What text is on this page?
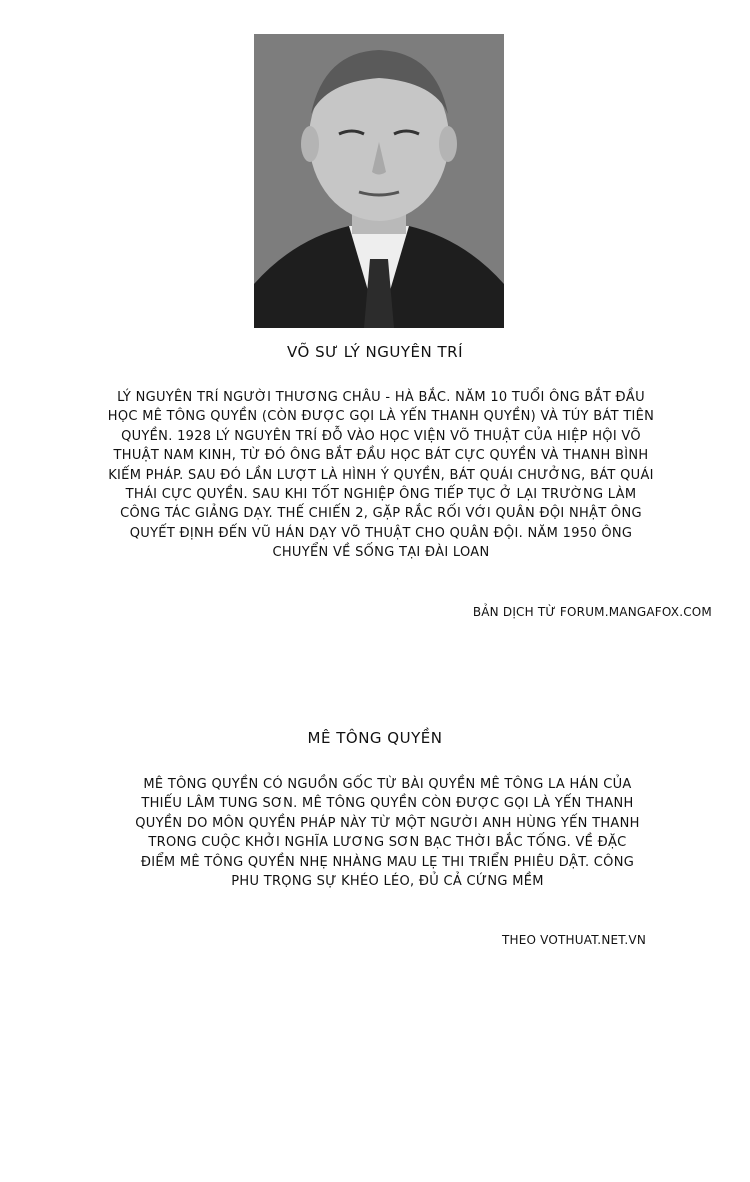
VÕ SƯ LÝ NGUYÊN TRÍ
LÝ NGUYÊN TRÍ NGƯỜI THƯƠNG CHÂU - HÀ BẮC. NĂM 10 TUỔI ÔNG BẮT ĐẦU HỌC MÊ TÔNG QUYỀN (CÒN ĐƯỢC GỌI LÀ YẾN THANH QUYỀN) VÀ TÚY BÁT TIÊN QUYỀN. 1928 LÝ NGUYÊN TRÍ ĐỖ VÀO HỌC VIỆN VÕ THUẬT CỦA HIỆP HỘI VÕ THUẬT NAM KINH, TỪ ĐÓ ÔNG BẮT ĐẦU HỌC BÁT CỰC QUYỀN VÀ THANH BÌNH KIẾM PHÁP. SAU ĐÓ LẦN LƯỢT LÀ HÌNH Ý QUYỀN, BÁT QUÁI CHƯỞNG, BÁT QUÁI THÁI CỰC QUYỀN. SAU KHI TỐT NGHIỆP ÔNG TIẾP TỤC Ở LẠI TRƯỜNG LÀM CÔNG TÁC GIẢNG DẠY. THẾ CHIẾN 2, GẶP RẮC RỐI VỚI QUÂN ĐỘI NHẬT ÔNG QUYẾT ĐỊNH ĐẾN VŨ HÁN DẠY VÕ THUẬT CHO QUÂN ĐỘI. NĂM 1950 ÔNG CHUYỂN VỀ SỐNG TẠI ĐÀI LOAN
BẢN DỊCH TỪ FORUM.MANGAFOX.COM
MÊ TÔNG QUYỀN
MÊ TÔNG QUYỀN CÓ NGUỒN GỐC TỪ BÀI QUYỀN MÊ TÔNG LA HÁN CỦA THIẾU LÂM TUNG SƠN. MÊ TÔNG QUYỀN CÒN ĐƯỢC GỌI LÀ YẾN THANH QUYỀN DO MÔN QUYỀN PHÁP NÀY TỪ MỘT NGƯỜI ANH HÙNG YẾN THANH TRONG CUỘC KHỞI NGHĨA LƯƠNG SƠN BẠC THỜI BẮC TỐNG. VỀ ĐẶC ĐIỂM MÊ TÔNG QUYỀN NHẸ NHÀNG MAU LẸ THI TRIỂN PHIÊU DẬT. CÔNG PHU TRỌNG SỰ KHÉO LÉO, ĐỦ CẢ CỨNG MỀM
THEO VOTHUAT.NET.VN
